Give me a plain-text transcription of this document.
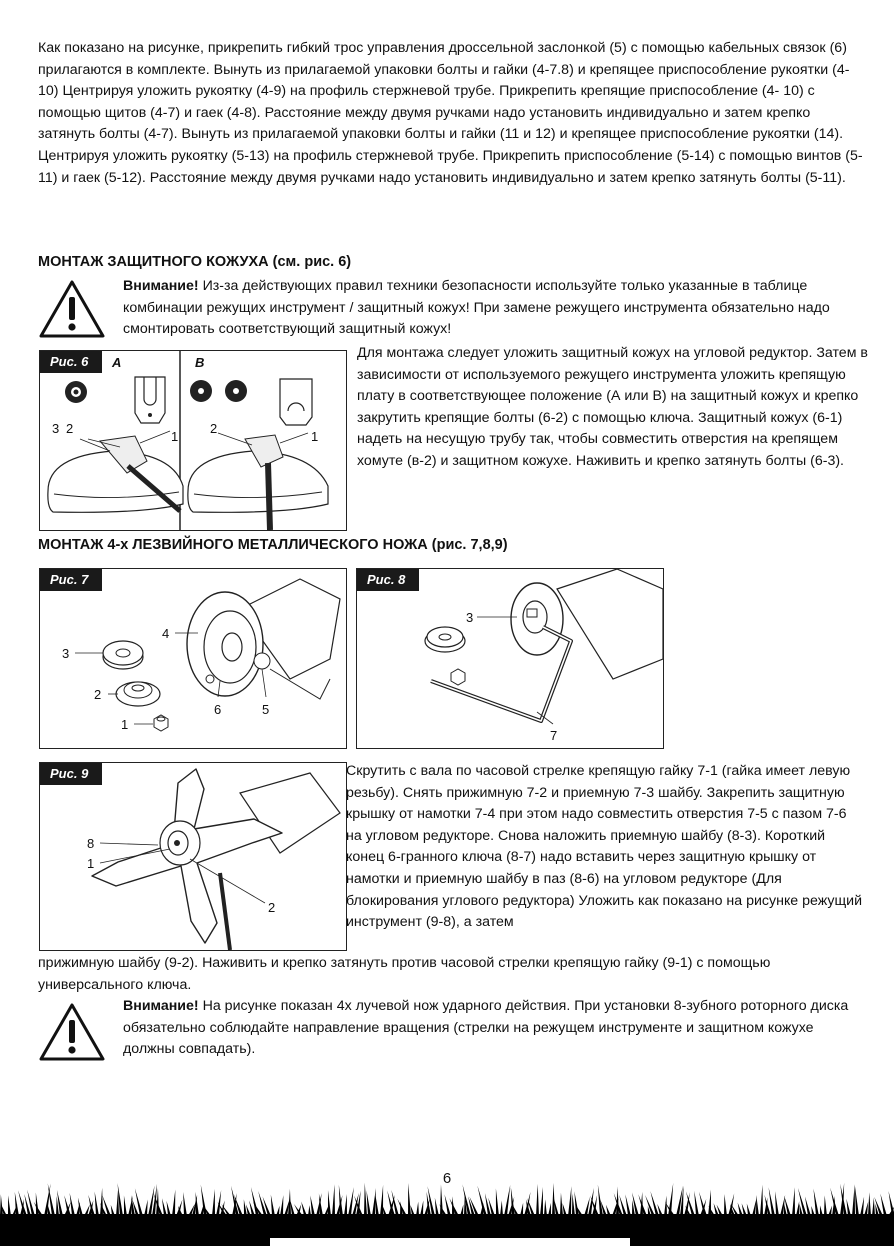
Как показано на рисунке, прикрепить гибкий трос управления дроссельной заслонкой (5) с помощью кабельных связок (6) прилагаются в комплекте. Вынуть из прилагаемой упаковки болты и гайки (4-7.8) и крепящее приспособление рукоятки (4-10) Центрируя уложить рукоятку (4-9) на профиль стержневой трубе. Прикрепить крепящие приспособление (4- 10) с помощью щитов (4-7) и гаек (4-8). Расстояние между двумя ручками надо установить индивидуально и затем крепко затянуть болты (4-7). Вынуть из прилагаемой упаковки болты и гайки (11 и 12) и крепящее приспособление рукоятки (14). Центрируя уложить рукоятку (5-13) на профиль стержневой трубе. Прикрепить приспособление (5-14) с помощью винтов (5-11) и гаек (5-12). Расстояние между двумя ручками надо установить индивидуально и затем крепко затянуть болты (5-11).
МОНТАЖ ЗАЩИТНОГО КОЖУХА (см. рис. 6)
Внимание! Из-за действующих правил техники безопасности используйте только указанные в таблице комбинации режущих инструмент / защитный кожух! При замене режущего инструмента обязательно надо смонтировать соответствующий защитный кожух!
A	B
3 2
1
2
1
Рис. 6
Для монтажа следует уложить защитный кожух на угловой редуктор. Затем в зависимости от используемого режущего инструмента уложить крепящую плату в соответствующее положение (А или В) на защитный кожух и крепко закрутить крепящие болты (6-2) с помощью ключа. Защитный кожух (6-1) надеть на несущую трубу так, чтобы совместить отверстия на крепящем хомуте (в-2) и защитном кожухе. Наживить и крепко затянуть болты (6-3).
МОНТАЖ 4-х ЛЕЗВИЙНОГО МЕТАЛЛИЧЕСКОГО НОЖА (рис. 7,8,9)
3
2
1
4
6	5
Рис. 7
3
7
Рис. 8
8
1
2
Рис. 9	Скрутить с вала по часовой стрелке крепящую гайку 7-1 (гайка имеет левую резьбу). Снять прижимную 7-2 и приемную 7-3 шайбу. Закрепить защитную крышку от намотки 7-4 при этом надо совместить отверстия 7-5 с пазом 7-6 на угловом редукторе. Снова наложить приемную шайбу (8-3). Короткий конец 6-гранного ключа (8-7) надо вставить через защитную крышку от намотки и приемную шайбу в паз (8-6) на угловом редукторе (Для блокирования углового редуктора) Уложить как показано на рисунке режущий инструмент (9-8), а затем
прижимную шайбу (9-2). Наживить и крепко затянуть против часовой стрелки крепящую гайку (9-1) с помощью универсального ключа.
Внимание! На рисунке показан 4х лучевой нож ударного действия. При установки 8-зубного роторного диска обязательно соблюдайте направление вращения (стрелки на режущем инструменте и защитном кожухе должны совпадать).
6
